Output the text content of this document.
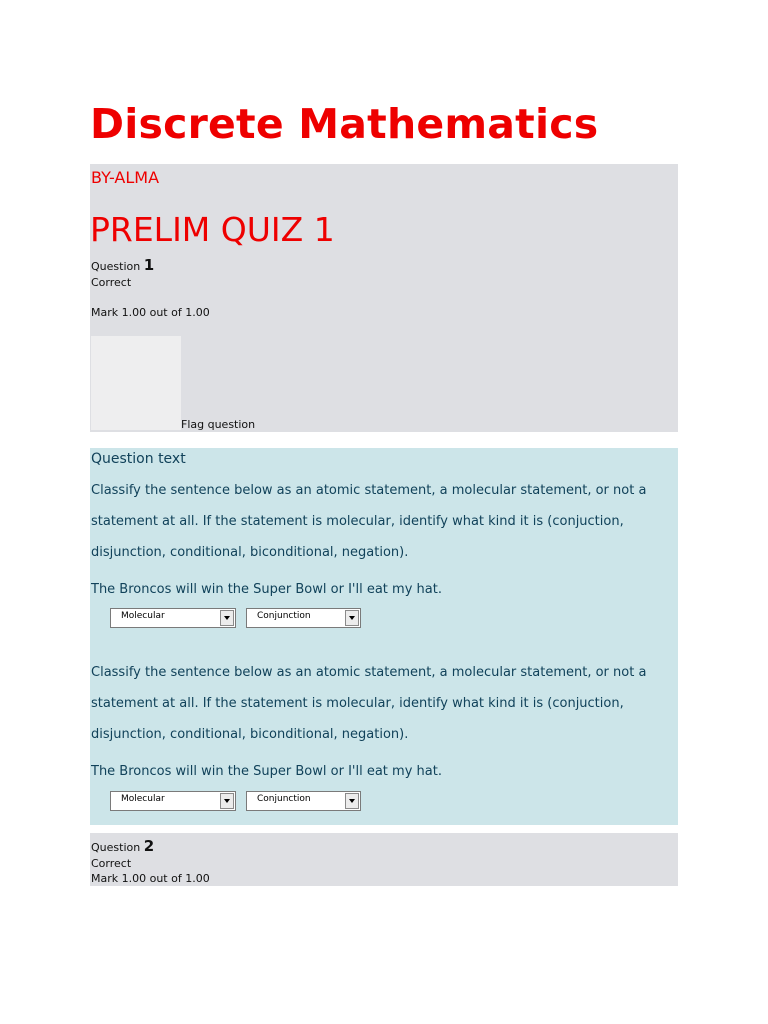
Discrete Mathematics
BY-ALMA
PRELIM QUIZ 1
Question 1
Correct
Mark 1.00 out of 1.00
Flag question
Question text
Classify the sentence below as an atomic statement, a molecular statement, or not a
statement at all. If the statement is molecular, identify what kind it is (conjuction,
disjunction, conditional, biconditional, negation).
The Broncos will win the Super Bowl or I'll eat my hat.
Molecular	Conjunction
Classify the sentence below as an atomic statement, a molecular statement, or not a
statement at all. If the statement is molecular, identify what kind it is (conjuction,
disjunction, conditional, biconditional, negation).
The Broncos will win the Super Bowl or I'll eat my hat.
Molecular	Conjunction
Question 2
Correct
Mark 1.00 out of 1.00
